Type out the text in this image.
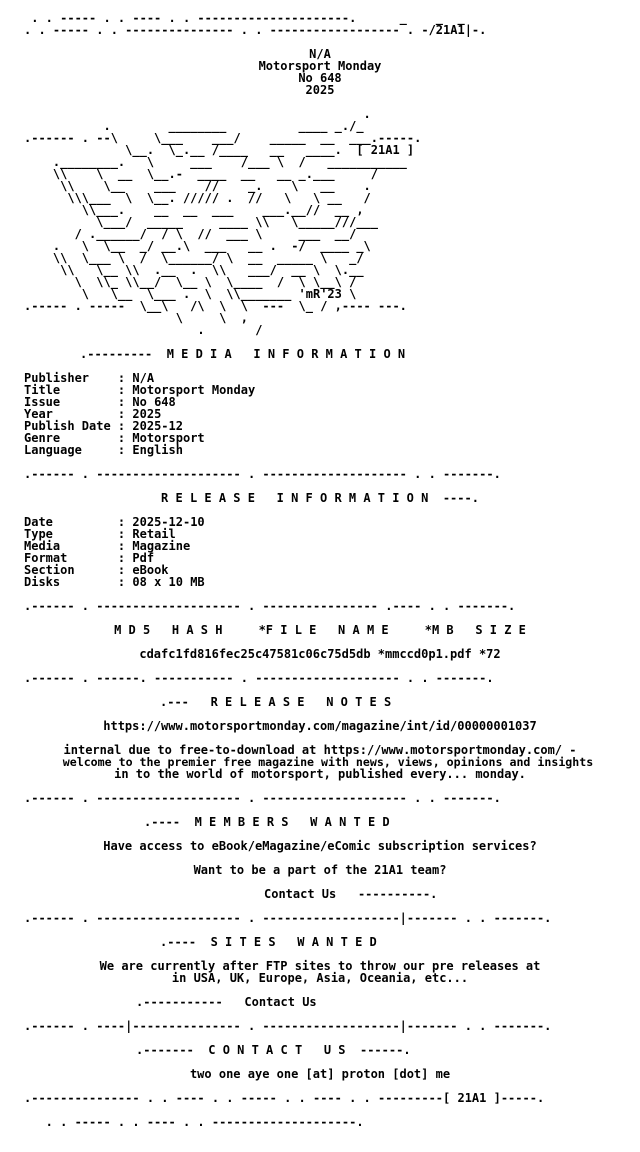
. . ----- . . ---- . . ---------------------.      _    _  _
. . ----- . . --------------- . . ------------------ . -/21A1|-.
N/A
Motorsport Monday
No 648
2025
.
.        ________          ____ _./_
.------ . --\     \___    ___/    _____  __  ___.-----.
\__.  \_.__ /____   __   ____.  [ 21A1 ]
.________.   \     ___    /___ \  /   ___________
\\    \  __  \__.-  ____  __   __ _.___     /
\\    \__    ___    //    _.    \   __    .
\\\___  \  \__. ///// .  //   \   \ __   /
\\___.    __  __  ___    ___.__//  __ ,
\___/  _____     ____ \\   \_____///___
/ .______/  / \  //  ___ \     ___  __/
.   \  \__  _/ __.\  ___   __ .  -/  ____ _\
\\  \___ \  /  \______/ \  __  _____ \   _/
\\   \__ \\  .__  .  \\   ___/  __ \  \.__
\  \\_ \\__/  \__ \  \____  /  \ \__\ /
\   \__  \___ .  \  \\_______ 'mR'23 \
.----- . -----  \__\   /\  \  \  ---  \_ / ,---- ---.
\     \  ,
.       /
.--------- M E D I A   I N F O R M A T I O N
Publisher    : N/A
Title        : Motorsport Monday
Issue        : No 648
Year         : 2025
Publish Date : 2025-12
Genre        : Motorsport
Language     : English
.------ . -------------------- . -------------------- . . -------.
R E L E A S E   I N F O R M A T I O N ----.
Date         : 2025-12-10
Type         : Retail
Media        : Magazine
Format       : Pdf
Section      : eBook
Disks        : 08 x 10 MB
.------ . -------------------- . ---------------- .---- . . -------.
M D 5   H A S H     *F I L E   N A M E     *M B   S I Z E
cdafc1fd816fec25c47581c06c75d5db *mmccd0p1.pdf *72
.------ . ------. ----------- . -------------------- . . -------.
.--- R E L E A S E   N O T E S
https://www.motorsportmonday.com/magazine/int/id/00000001037
internal due to free-to-download at https://www.motorsportmonday.com/ -
welcome to the premier free magazine with news, views, opinions and insights
in to the world of motorsport, published every... monday.
.------ . -------------------- . -------------------- . . -------.
.---- M E M B E R S   W A N T E D
Have access to eBook/eMagazine/eComic subscription services?
Want to be a part of the 21A1 team?
Contact Us ----------.
.------ . -------------------- . -------------------|------- . . -------.
.---- S I T E S   W A N T E D
We are currently after FTP sites to throw our pre releases at
in USA, UK, Europe, Asia, Oceania, etc...
.----------- Contact Us
.------ . ----|--------------- . -------------------|------- . . -------.
.------- C O N T A C T   U S ------.
two one aye one [at] proton [dot] me
.--------------- . . ---- . . ----- . . ---- . . ---------[ 21A1 ]-----.
. . ----- . . ---- . . --------------------.
